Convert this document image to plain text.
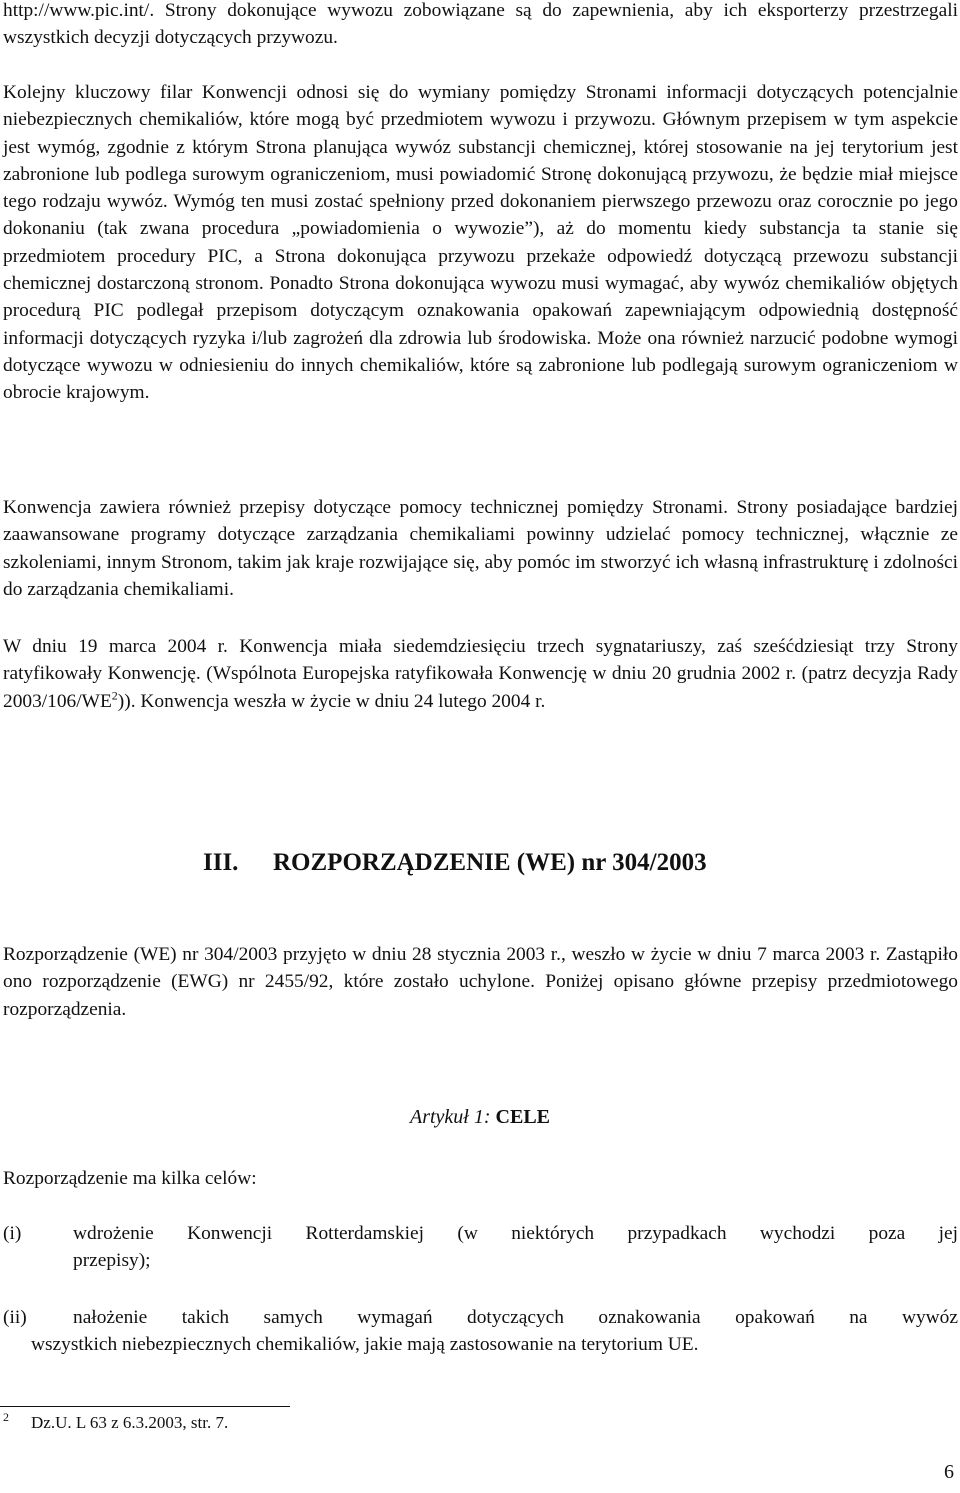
http://www.pic.int/. Strony dokonujące wywozu zobowiązane są do zapewnienia, aby ich eksporterzy przestrzegali wszystkich decyzji dotyczących przywozu.

Kolejny kluczowy filar Konwencji odnosi się do wymiany pomiędzy Stronami informacji dotyczących potencjalnie niebezpiecznych chemikaliów, które mogą być przedmiotem wywozu i przywozu. Głównym przepisem w tym aspekcie jest wymóg, zgodnie z którym Strona planująca wywóz substancji chemicznej, której stosowanie na jej terytorium jest zabronione lub podlega surowym ograniczeniom, musi powiadomić Stronę dokonującą przywozu, że będzie miał miejsce tego rodzaju wywóz. Wymóg ten musi zostać spełniony przed dokonaniem pierwszego przewozu oraz corocznie po jego dokonaniu (tak zwana procedura „powiadomienia o wywozie”), aż do momentu kiedy substancja ta stanie się przedmiotem procedury PIC, a Strona dokonująca przywozu przekaże odpowiedź dotyczącą przewozu substancji chemicznej dostarczoną stronom. Ponadto Strona dokonująca wywozu musi wymagać, aby wywóz chemikaliów objętych procedurą PIC podlegał przepisom dotyczącym oznakowania opakowań zapewniającym odpowiednią dostępność informacji dotyczących ryzyka i/lub zagrożeń dla zdrowia lub środowiska. Może ona również narzucić podobne wymogi dotyczące wywozu w odniesieniu do innych chemikaliów, które są zabronione lub podlegają surowym ograniczeniom w obrocie krajowym.

Konwencja zawiera również przepisy dotyczące pomocy technicznej pomiędzy Stronami. Strony posiadające bardziej zaawansowane programy dotyczące zarządzania chemikaliami powinny udzielać pomocy technicznej, włącznie ze szkoleniami, innym Stronom, takim jak kraje rozwijające się, aby pomóc im stworzyć ich własną infrastrukturę i zdolności do zarządzania chemikaliami.

W dniu 19 marca 2004 r. Konwencja miała siedemdziesięciu trzech sygnatariuszy, zaś sześćdziesiąt trzy Strony ratyfikowały Konwencję. (Wspólnota Europejska ratyfikowała Konwencję w dniu 20 grudnia 2002 r. (patrz decyzja Rady $2003/106/WE^2$)). Konwencja weszła w życie w dniu 24 lutego 2004 r.

III. ROZPORZĄDZENIE (WE) nr 304/2003

Rozporządzenie (WE) nr 304/2003 przyjęto w dniu 28 stycznia 2003 r., weszło w życie w dniu 7 marca 2003 r. Zastąpiło ono rozporządzenie (EWG) nr 2455/92, które zostało uchylone. Poniżej opisano główne przepisy przedmiotowego rozporządzenia.

Artykuł 1: CELE

Rozporządzenie ma kilka celów:

(i)	wdrożenie Konwencji Rotterdamskiej (w niektórych przypadkach wychodzi poza jej
przepisy);
(ii) nałożenie takich samych wymagań dotyczących oznakowania opakowań na wywóz
wszystkich niebezpiecznych chemikaliów, jakie mają zastosowanie na terytorium UE.
2 Dz.U. L 63 z 6.3.2003, str. 7.
6
